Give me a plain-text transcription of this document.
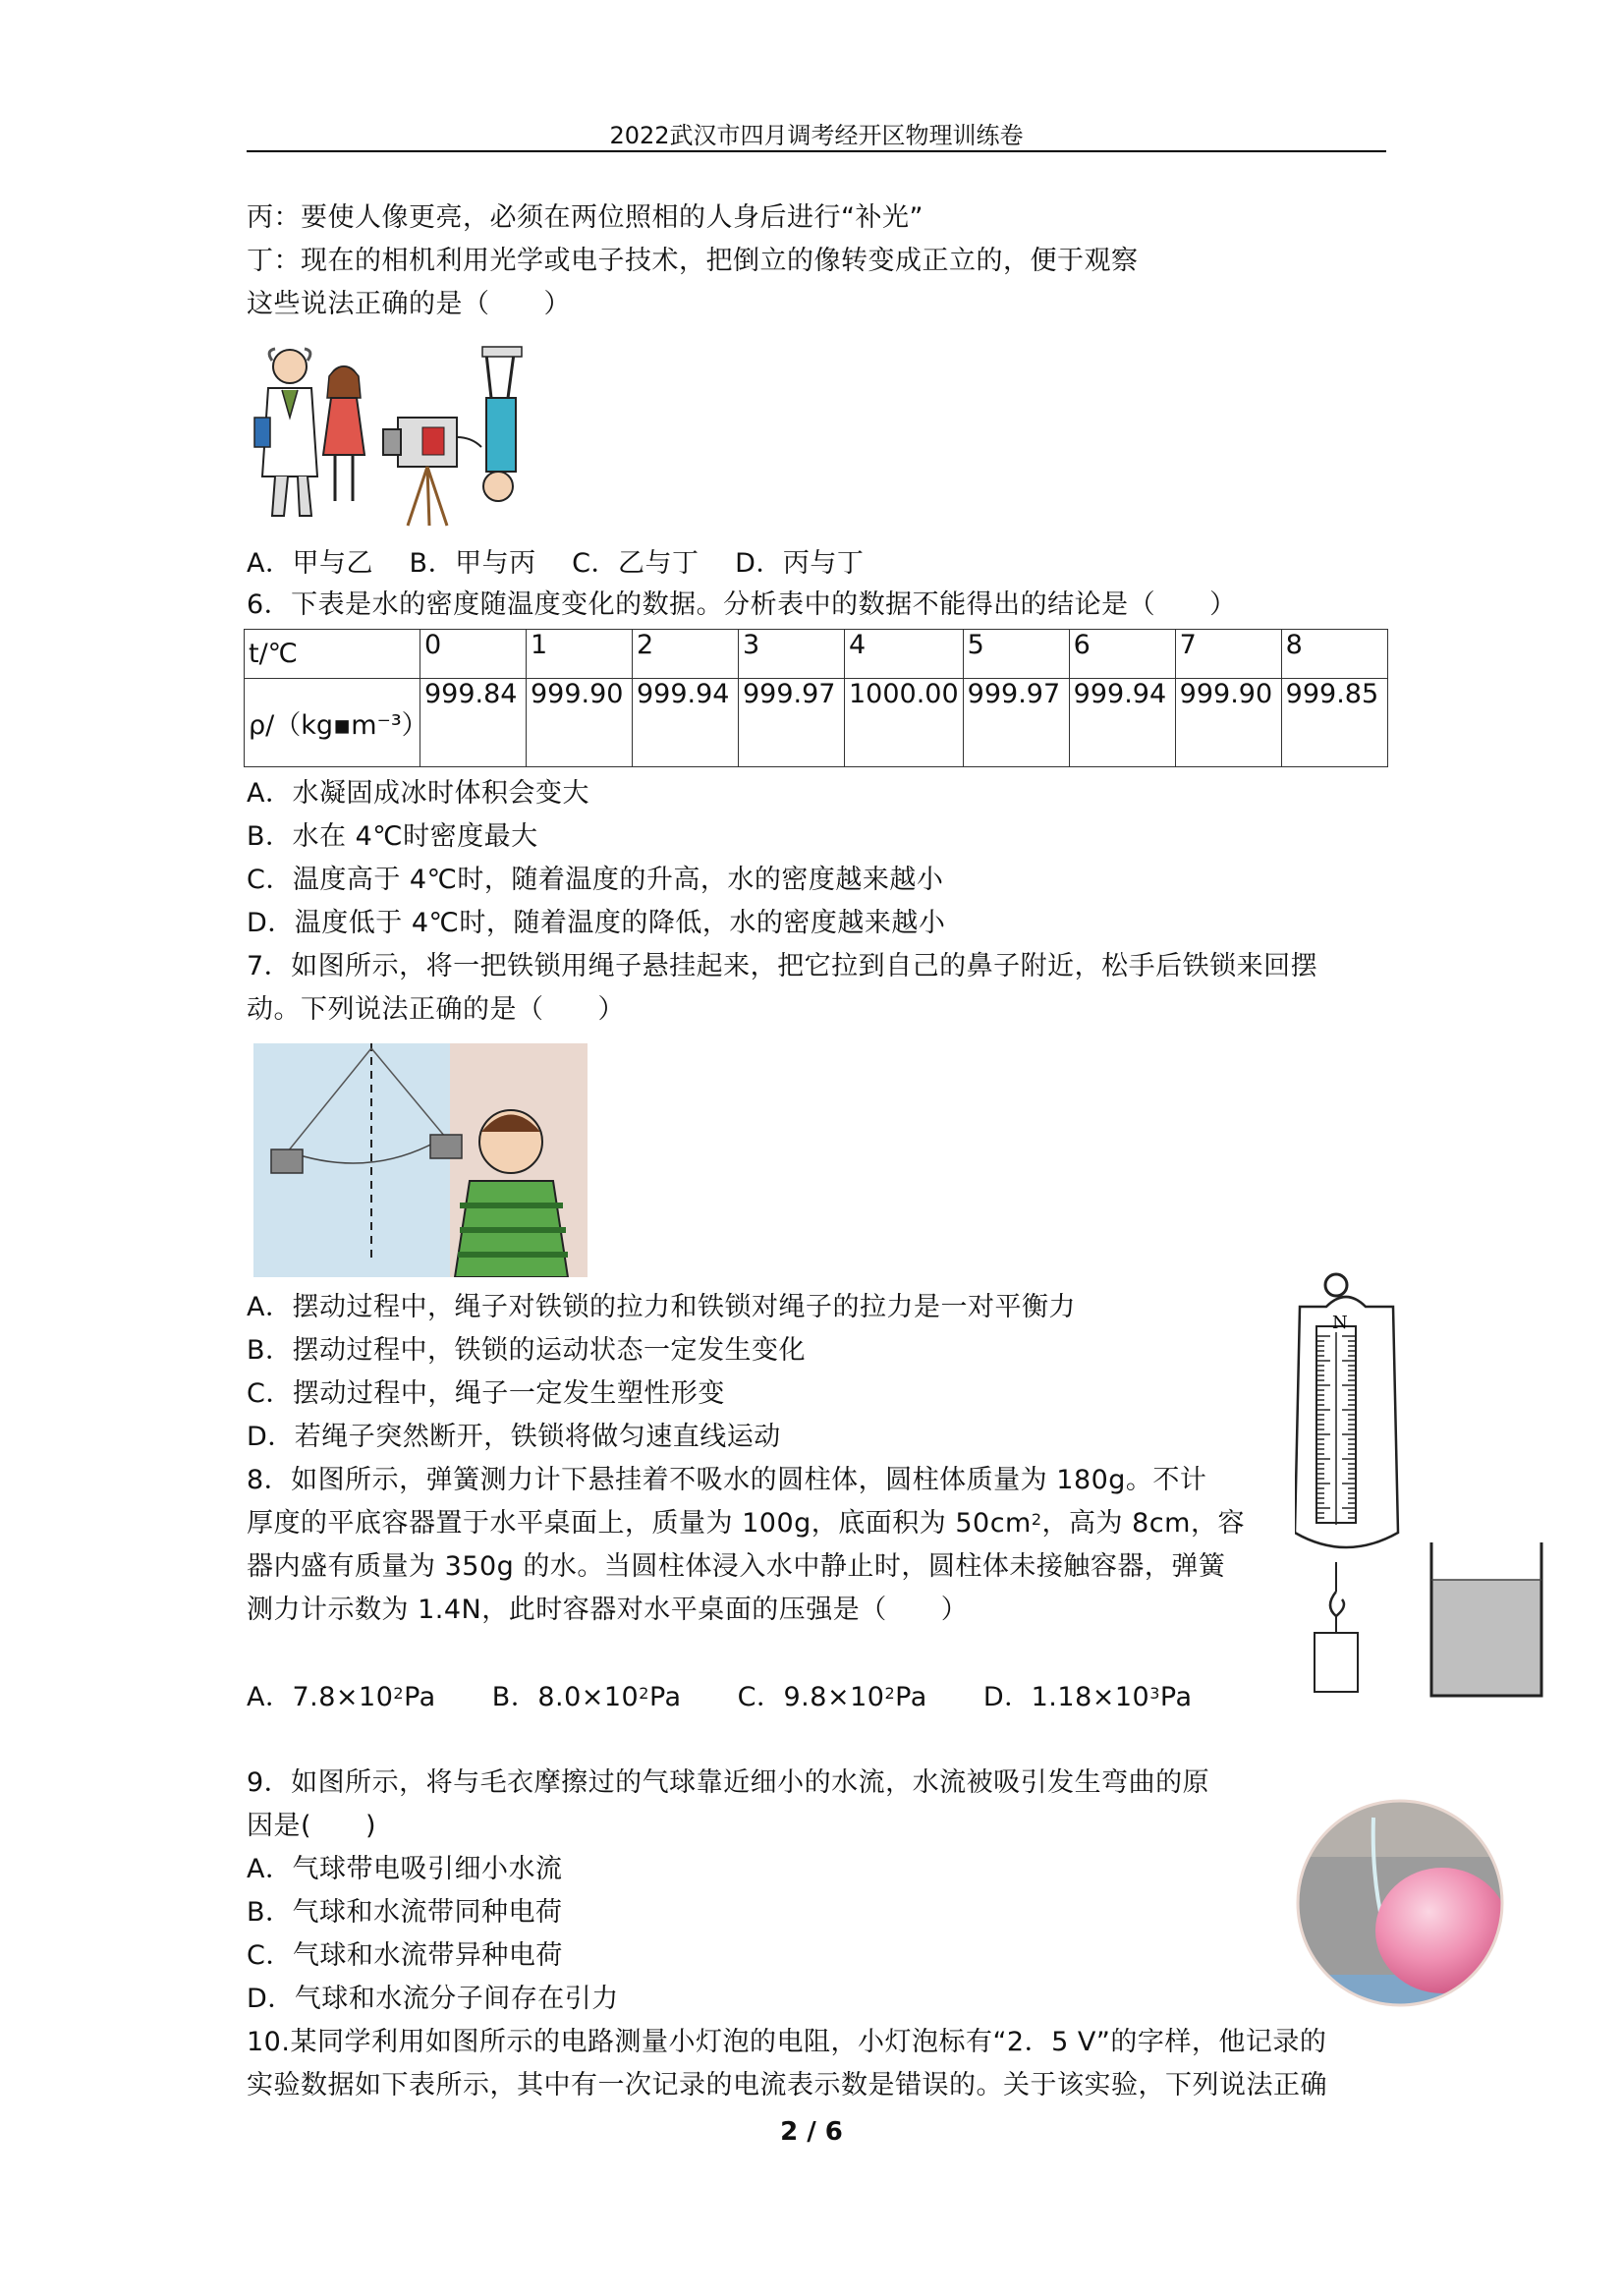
2022武汉市四月调考经开区物理训练卷
丙：要使人像更亮，必须在两位照相的人身后进行“补光”
丁：现在的相机利用光学或电子技术，把倒立的像转变成正立的，便于观察
这些说法正确的是（　　）
A．甲与乙　 B．甲与丙　 C．乙与丁　 D．丙与丁
6．下表是水的密度随温度变化的数据。分析表中的数据不能得出的结论是（　　）
t/℃	0	1	2	3	4	5	6	7	8
ρ/（kg▪m⁻³）	999.84	999.90	999.94	999.97	1000.00	999.97	999.94	999.90	999.85
A．水凝固成冰时体积会变大
B．水在 4℃时密度最大
C．温度高于 4℃时，随着温度的升高，水的密度越来越小
D．温度低于 4℃时，随着温度的降低，水的密度越来越小
7．如图所示，将一把铁锁用绳子悬挂起来，把它拉到自己的鼻子附近，松手后铁锁来回摆
动。下列说法正确的是（　　）
A．摆动过程中，绳子对铁锁的拉力和铁锁对绳子的拉力是一对平衡力
B．摆动过程中，铁锁的运动状态一定发生变化
C．摆动过程中，绳子一定发生塑性形变
D．若绳子突然断开，铁锁将做匀速直线运动
8．如图所示，弹簧测力计下悬挂着不吸水的圆柱体，圆柱体质量为 180g。不计
厚度的平底容器置于水平桌面上，质量为 100g，底面积为 $50cm^2$，高为 8cm，容
器内盛有质量为 350g 的水。当圆柱体浸入水中静止时，圆柱体未接触容器，弹簧
测力计示数为 1.4N，此时容器对水平桌面的压强是（　　）
A．$7.8\times 10^2Pa$ B．$8.0\times 10^2Pa$ C．$9.8\times 10^2Pa$ D．$1.18\times 10^3Pa$
N
9．如图所示，将与毛衣摩擦过的气球靠近细小的水流，水流被吸引发生弯曲的原
因是(　　)
A．气球带电吸引细小水流
B．气球和水流带同种电荷
C．气球和水流带异种电荷
D．气球和水流分子间存在引力
10.某同学利用如图所示的电路测量小灯泡的电阻，小灯泡标有“2．5 V”的字样，他记录的
实验数据如下表所示，其中有一次记录的电流表示数是错误的。关于该实验，下列说法正确
2 / 6
